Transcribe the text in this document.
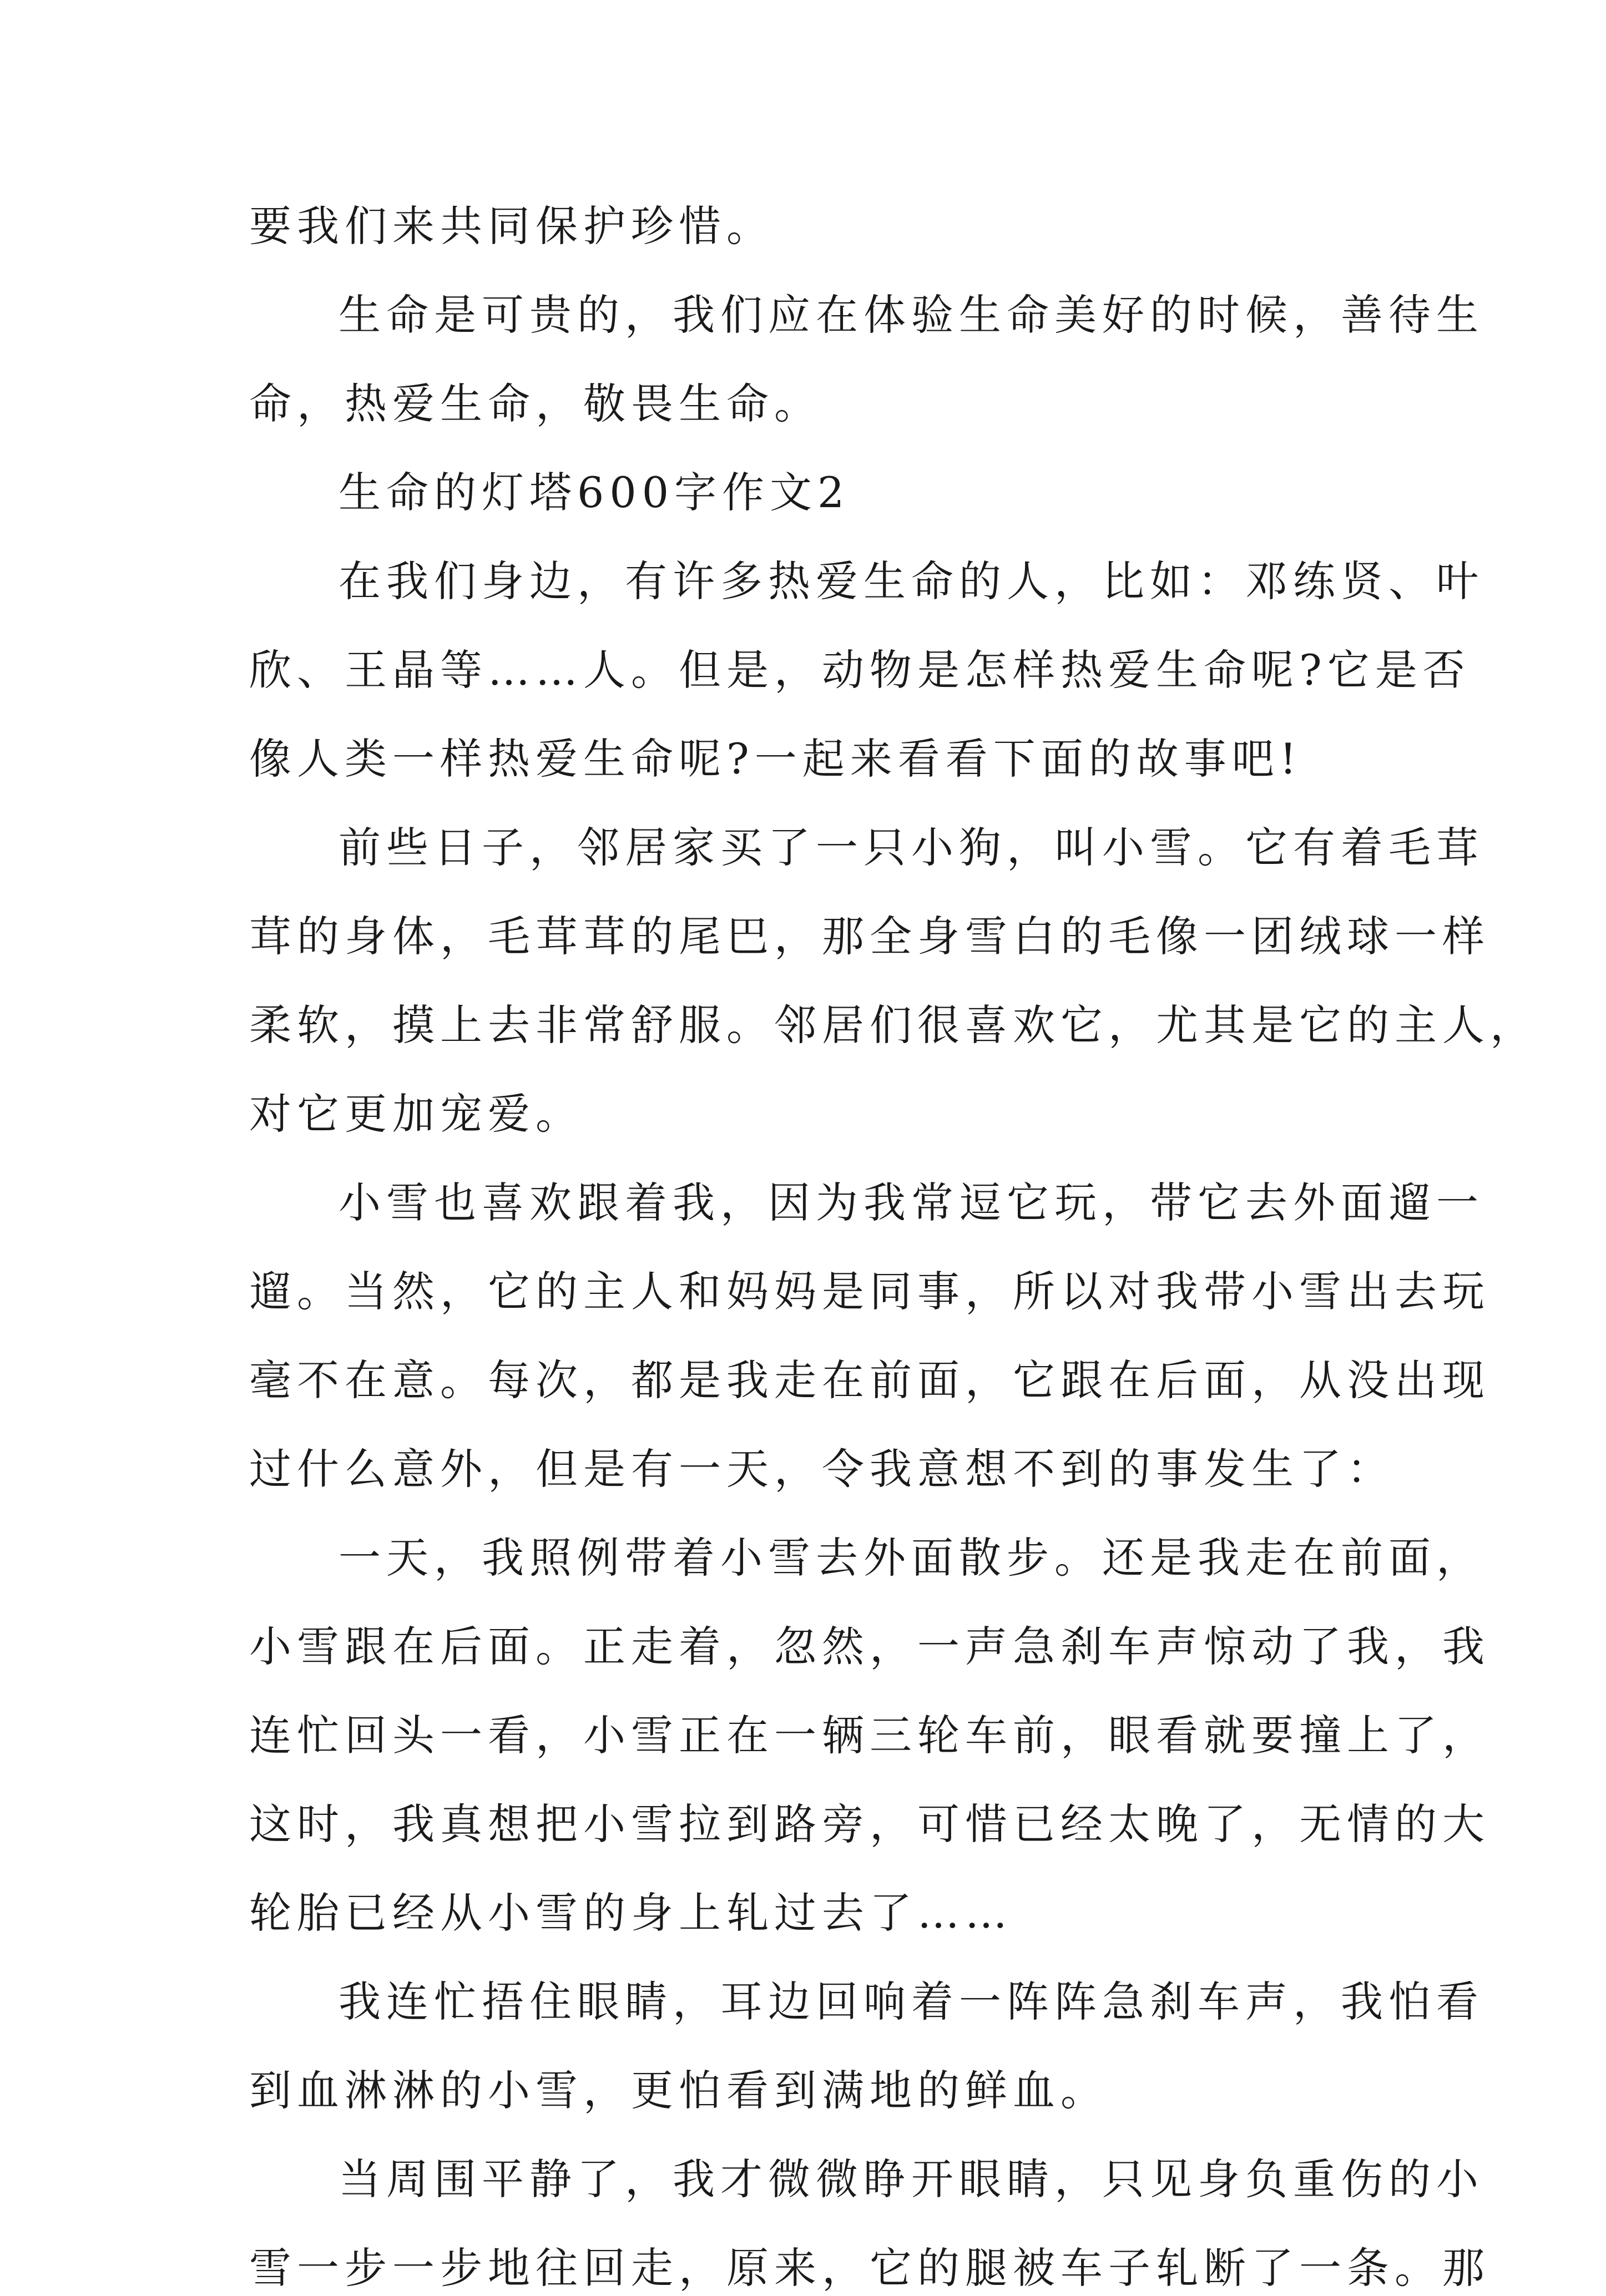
要我们来共同保护珍惜。

生命是可贵的，我们应在体验生命美好的时候，善待生

命，热爱生命，敬畏生命。

生命的灯塔600字作文2

在我们身边，有许多热爱生命的人，比如：邓练贤、叶

欣、王晶等……人。但是，动物是怎样热爱生命呢?它是否

像人类一样热爱生命呢?一起来看看下面的故事吧!

前些日子，邻居家买了一只小狗，叫小雪。它有着毛茸

茸的身体，毛茸茸的尾巴，那全身雪白的毛像一团绒球一样

柔软，摸上去非常舒服。邻居们很喜欢它，尤其是它的主人，

对它更加宠爱。

小雪也喜欢跟着我，因为我常逗它玩，带它去外面遛一

遛。当然，它的主人和妈妈是同事，所以对我带小雪出去玩

毫不在意。每次，都是我走在前面，它跟在后面，从没出现

过什么意外，但是有一天，令我意想不到的事发生了：

一天，我照例带着小雪去外面散步。还是我走在前面，

小雪跟在后面。正走着，忽然，一声急刹车声惊动了我，我

连忙回头一看，小雪正在一辆三轮车前，眼看就要撞上了，

这时，我真想把小雪拉到路旁，可惜已经太晚了，无情的大

轮胎已经从小雪的身上轧过去了……

我连忙捂住眼睛，耳边回响着一阵阵急刹车声，我怕看

到血淋淋的小雪，更怕看到满地的鲜血。

当周围平静了，我才微微睁开眼睛，只见身负重伤的小

雪一步一步地往回走，原来，它的腿被车子轧断了一条。那
